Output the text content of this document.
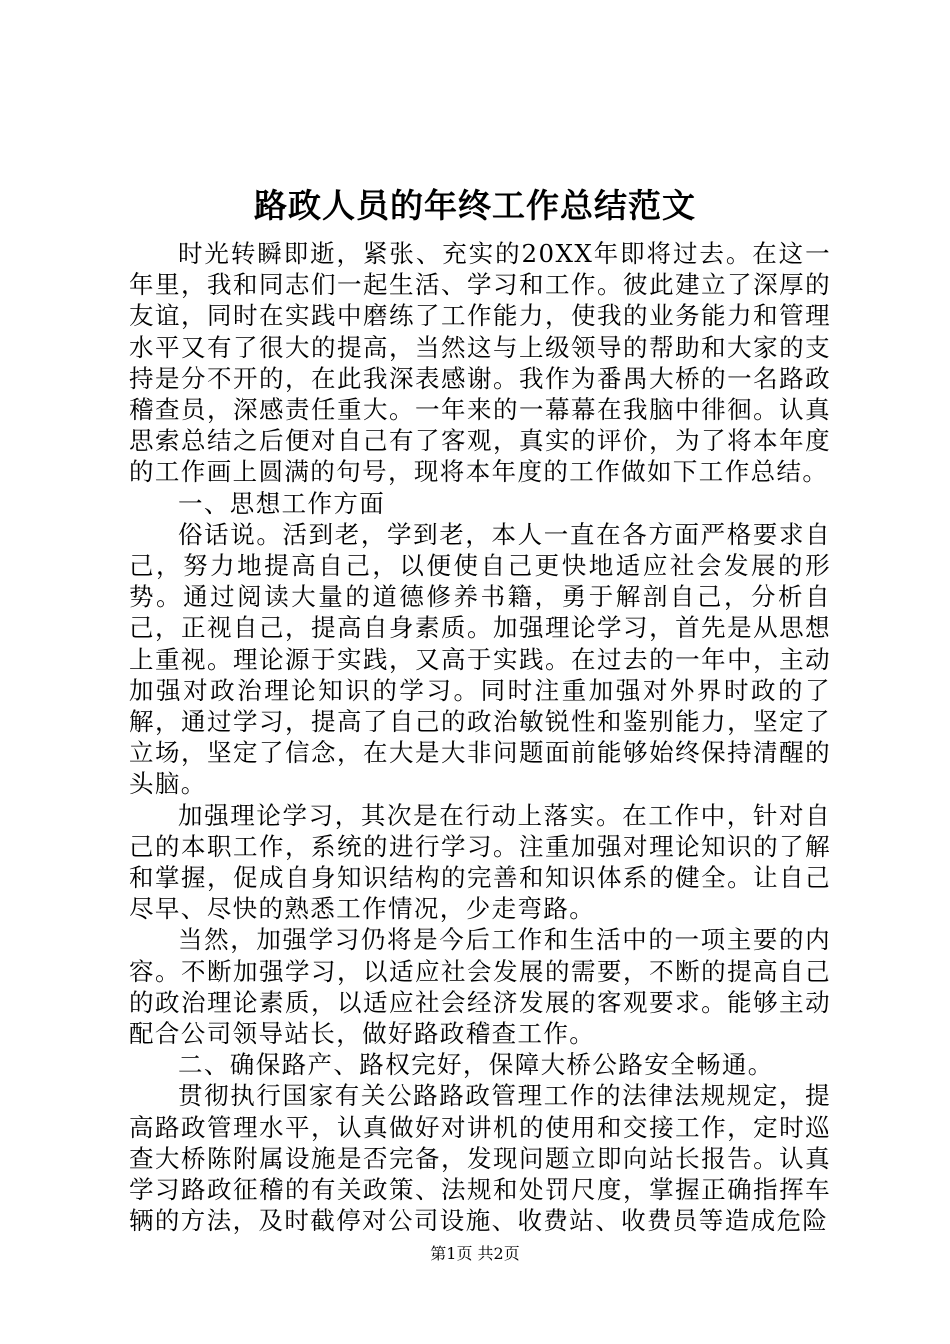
路政人员的年终工作总结范文

时光转瞬即逝，紧张、充实的20XX年即将过去。在这一年里，我和同志们一起生活、学习和工作。彼此建立了深厚的友谊，同时在实践中磨练了工作能力，使我的业务能力和管理水平又有了很大的提高，当然这与上级领导的帮助和大家的支持是分不开的，在此我深表感谢。我作为番禺大桥的一名路政稽查员，深感责任重大。一年来的一幕幕在我脑中徘徊。认真思索总结之后便对自己有了客观，真实的评价，为了将本年度的工作画上圆满的句号，现将本年度的工作做如下工作总结。

一、思想工作方面

俗话说。活到老，学到老，本人一直在各方面严格要求自己，努力地提高自己，以便使自己更快地适应社会发展的形势。通过阅读大量的道德修养书籍，勇于解剖自己，分析自己，正视自己，提高自身素质。加强理论学习，首先是从思想上重视。理论源于实践，又高于实践。在过去的一年中，主动加强对政治理论知识的学习。同时注重加强对外界时政的了解，通过学习，提高了自己的政治敏锐性和鉴别能力，坚定了立场，坚定了信念，在大是大非问题面前能够始终保持清醒的头脑。

加强理论学习，其次是在行动上落实。在工作中，针对自己的本职工作，系统的进行学习。注重加强对理论知识的了解和掌握，促成自身知识结构的完善和知识体系的健全。让自己尽早、尽快的熟悉工作情况，少走弯路。

当然，加强学习仍将是今后工作和生活中的一项主要的内容。不断加强学习，以适应社会发展的需要，不断的提高自己的政治理论素质，以适应社会经济发展的客观要求。能够主动配合公司领导站长，做好路政稽查工作。

二、确保路产、路权完好，保障大桥公路安全畅通。

贯彻执行国家有关公路路政管理工作的法律法规规定，提高路政管理水平，认真做好对讲机的使用和交接工作，定时巡查大桥陈附属设施是否完备，发现问题立即向站长报告。认真学习路政征稽的有关政策、法规和处罚尺度，掌握正确指挥车辆的方法，及时截停对公司设施、收费站、收费员等造成危险

第1页 共2页
